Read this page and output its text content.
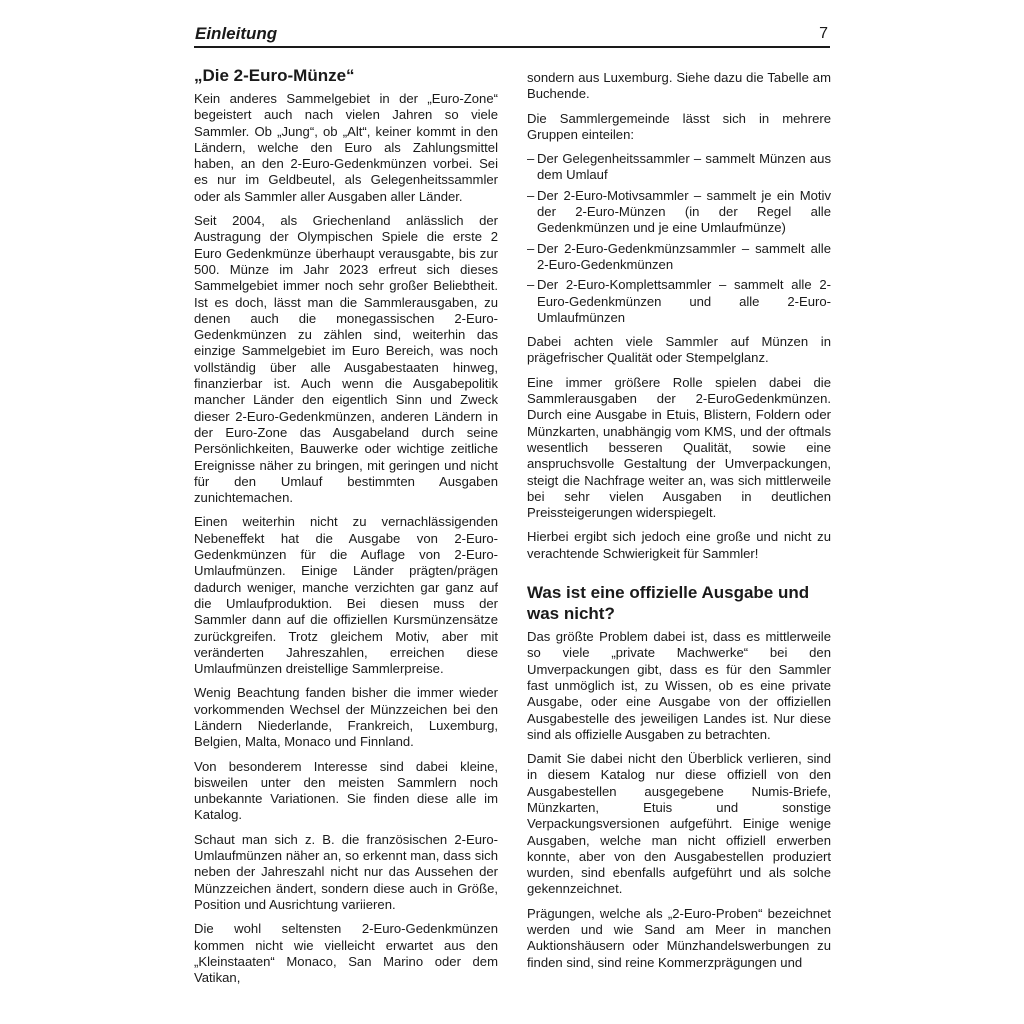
Einleitung	7
„Die 2-Euro-Münze“

Kein anderes Sammelgebiet in der „Euro-Zone“ begeistert auch nach vielen Jahren so viele Sammler. Ob „Jung“, ob „Alt“, keiner kommt in den Ländern, welche den Euro als Zahlungsmittel haben, an den 2-Euro-Gedenkmünzen vorbei. Sei es nur im Geldbeutel, als Gelegenheitssammler oder als Sammler aller Ausgaben aller Länder.

Seit 2004, als Griechenland anlässlich der Austragung der Olympischen Spiele die erste 2 Euro Gedenkmünze überhaupt verausgabte, bis zur 500. Münze im Jahr 2023 erfreut sich dieses Sammelgebiet immer noch sehr großer Beliebtheit. Ist es doch, lässt man die Sammlerausgaben, zu denen auch die monegassischen 2-Euro-Gedenkmünzen zu zählen sind, weiterhin das einzige Sammelgebiet im Euro Bereich, was noch vollständig über alle Ausgabestaaten hinweg, finanzierbar ist. Auch wenn die Ausgabepolitik mancher Länder den eigentlich Sinn und Zweck dieser 2-Euro-Gedenkmünzen, anderen Ländern in der Euro-Zone das Ausgabeland durch seine Persönlichkeiten, Bauwerke oder wichtige zeitliche Ereignisse näher zu bringen, mit geringen und nicht für den Umlauf bestimmten Ausgaben zunichtemachen.

Einen weiterhin nicht zu vernachlässigenden Nebeneffekt hat die Ausgabe von 2-Euro-Gedenkmünzen für die Auflage von 2-Euro-Umlaufmünzen. Einige Länder prägten/prägen dadurch weniger, manche verzichten gar ganz auf die Umlaufproduktion. Bei diesen muss der Sammler dann auf die offiziellen Kursmünzensätze zurückgreifen. Trotz gleichem Motiv, aber mit veränderten Jahreszahlen, erreichen diese Umlaufmünzen dreistellige Sammlerpreise.

Wenig Beachtung fanden bisher die immer wieder vorkommenden Wechsel der Münzzeichen bei den Ländern Niederlande, Frankreich, Luxemburg, Belgien, Malta, Monaco und Finnland.

Von besonderem Interesse sind dabei kleine, bisweilen unter den meisten Sammlern noch unbekannte Variationen. Sie finden diese alle im Katalog.

Schaut man sich z. B. die französischen 2-Euro-Umlaufmünzen näher an, so erkennt man, dass sich neben der Jahreszahl nicht nur das Aussehen der Münzzeichen ändert, sondern diese auch in Größe, Position und Ausrichtung variieren.

Die wohl seltensten 2-Euro-Gedenkmünzen kommen nicht wie vielleicht erwartet aus den „Kleinstaaten“ Monaco, San Marino oder dem Vatikan,

sondern aus Luxemburg. Siehe dazu die Tabelle am Buchende.

Die Sammlergemeinde lässt sich in mehrere Gruppen einteilen:

– Der Gelegenheitssammler – sammelt Münzen aus dem Umlauf
– Der 2-Euro-Motivsammler – sammelt je ein Motiv der 2-Euro-Münzen (in der Regel alle Gedenkmünzen und je eine Umlaufmünze)
– Der 2-Euro-Gedenkmünzsammler – sammelt alle 2-Euro-Gedenkmünzen
– Der 2-Euro-Komplettsammler – sammelt alle 2-Euro-Gedenkmünzen und alle 2-Euro-Umlaufmünzen

Dabei achten viele Sammler auf Münzen in prägefrischer Qualität oder Stempelglanz.

Eine immer größere Rolle spielen dabei die Sammlerausgaben der 2-EuroGedenkmünzen. Durch eine Ausgabe in Etuis, Blistern, Foldern oder Münzkarten, unabhängig vom KMS, und der oftmals wesentlich besseren Qualität, sowie eine anspruchsvolle Gestaltung der Umverpackungen, steigt die Nachfrage weiter an, was sich mittlerweile bei sehr vielen Ausgaben in deutlichen Preissteigerungen widerspiegelt.

Hierbei ergibt sich jedoch eine große und nicht zu verachtende Schwierigkeit für Sammler!

Was ist eine offizielle Ausgabe und was nicht?

Das größte Problem dabei ist, dass es mittlerweile so viele „private Machwerke“ bei den Umverpackungen gibt, dass es für den Sammler fast unmöglich ist, zu Wissen, ob es eine private Ausgabe, oder eine Ausgabe von der offiziellen Ausgabestelle des jeweiligen Landes ist. Nur diese sind als offizielle Ausgaben zu betrachten.

Damit Sie dabei nicht den Überblick verlieren, sind in diesem Katalog nur diese offiziell von den Ausgabestellen ausgegebene Numis-Briefe, Münzkarten, Etuis und sonstige Verpackungsversionen aufgeführt. Einige wenige Ausgaben, welche man nicht offiziell erwerben konnte, aber von den Ausgabestellen produziert wurden, sind ebenfalls aufgeführt und als solche gekennzeichnet.

Prägungen, welche als „2-Euro-Proben“ bezeichnet werden und wie Sand am Meer in manchen Auktionshäusern oder Münzhandelswerbungen zu finden sind, sind reine Kommerzprägungen und
